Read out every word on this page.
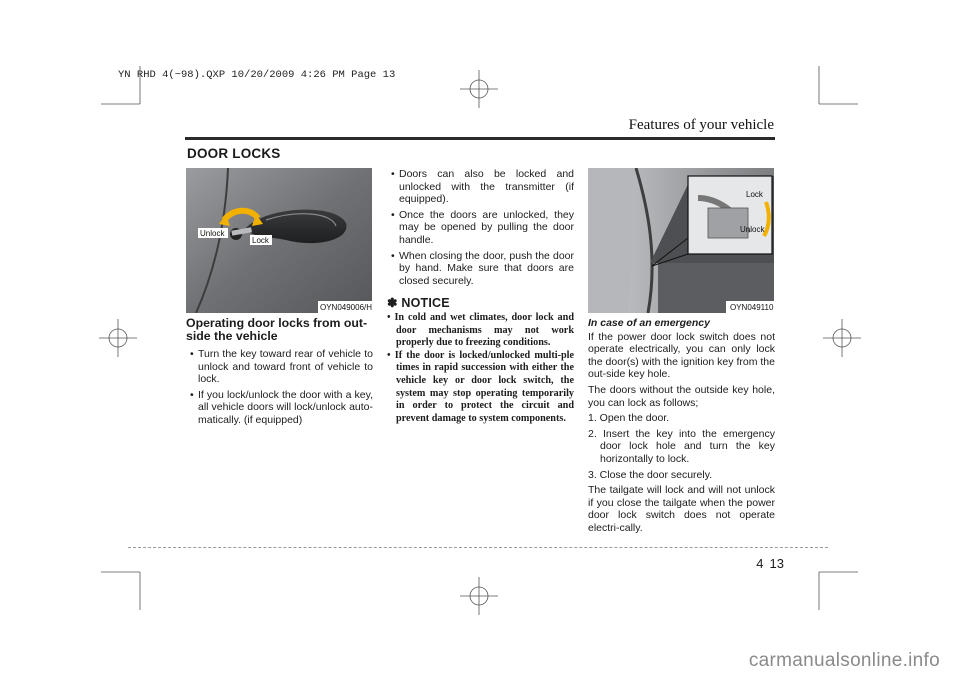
YN RHD 4(~98).QXP 10/20/2009 4:26 PM Page 13
Features of your vehicle
DOOR LOCKS
Unlock
Lock
OYN049006/H
Lock
Unlock
OYN049110
Operating door locks from out-side the vehicle

• Turn the key toward rear of vehicle to unlock and toward front of vehicle to lock.

• If you lock/unlock the door with a key, all vehicle doors will lock/unlock auto-matically. (if equipped)

• Doors can also be locked and unlocked with the transmitter (if equipped).

• Once the doors are unlocked, they may be opened by pulling the door handle.

• When closing the door, push the door by hand. Make sure that doors are closed securely.

✽ NOTICE

• In cold and wet climates, door lock and door mechanisms may not work properly due to freezing conditions.

• If the door is locked/unlocked multi-ple times in rapid succession with either the vehicle key or door lock switch, the system may stop operating temporarily in order to protect the circuit and prevent damage to system components.

In case of an emergency

If the power door lock switch does not operate electrically, you can only lock the door(s) with the ignition key from the out-side key hole.

The doors without the outside key hole, you can lock as follows;

1. Open the door.

2. Insert the key into the emergency door lock hole and turn the key horizontally to lock.

3. Close the door securely.

The tailgate will lock and will not unlock if you close the tailgate when the power door lock switch does not operate electri-cally.

4 13
carmanualsonline.info
